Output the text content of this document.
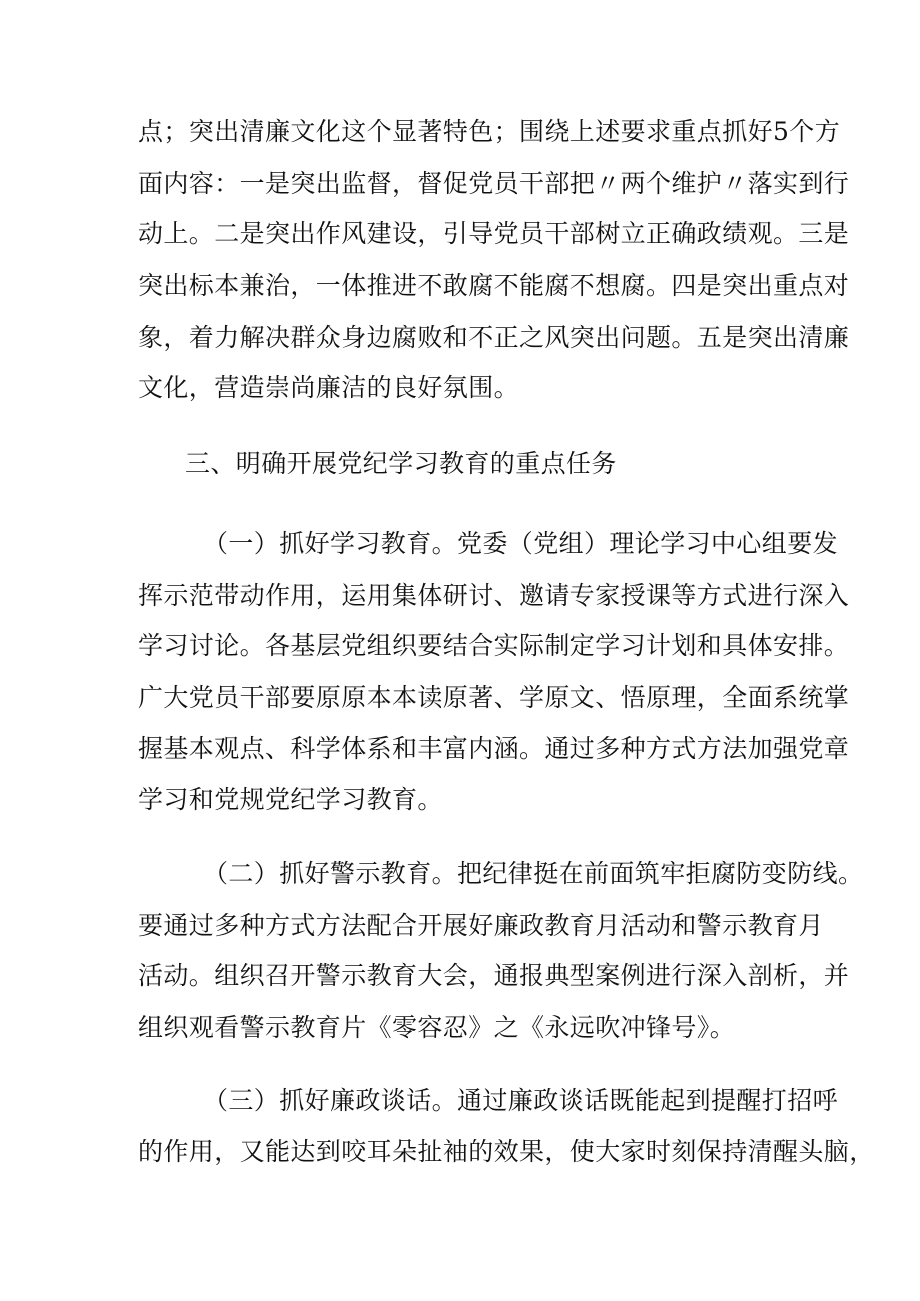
点；突出清廉文化这个显著特色；围绕上述要求重点抓好5个方
面内容：一是突出监督，督促党员干部把〃两个维护〃落实到行
动上。二是突出作风建设，引导党员干部树立正确政绩观。三是
突出标本兼治，一体推进不敢腐不能腐不想腐。四是突出重点对
象，着力解决群众身边腐败和不正之风突出问题。五是突出清廉
文化，营造崇尚廉洁的良好氛围。
三、明确开展党纪学习教育的重点任务
（一）抓好学习教育。党委（党组）理论学习中心组要发
挥示范带动作用，运用集体研讨、邀请专家授课等方式进行深入
学习讨论。各基层党组织要结合实际制定学习计划和具体安排。
广大党员干部要原原本本读原著、学原文、悟原理，全面系统掌
握基本观点、科学体系和丰富内涵。通过多种方式方法加强党章
学习和党规党纪学习教育。
（二）抓好警示教育。把纪律挺在前面筑牢拒腐防变防线。
要通过多种方式方法配合开展好廉政教育月活动和警示教育月
活动。组织召开警示教育大会，通报典型案例进行深入剖析，并
组织观看警示教育片《零容忍》之《永远吹冲锋号》。
（三）抓好廉政谈话。通过廉政谈话既能起到提醒打招呼
的作用，又能达到咬耳朵扯袖的效果，使大家时刻保持清醒头脑，
